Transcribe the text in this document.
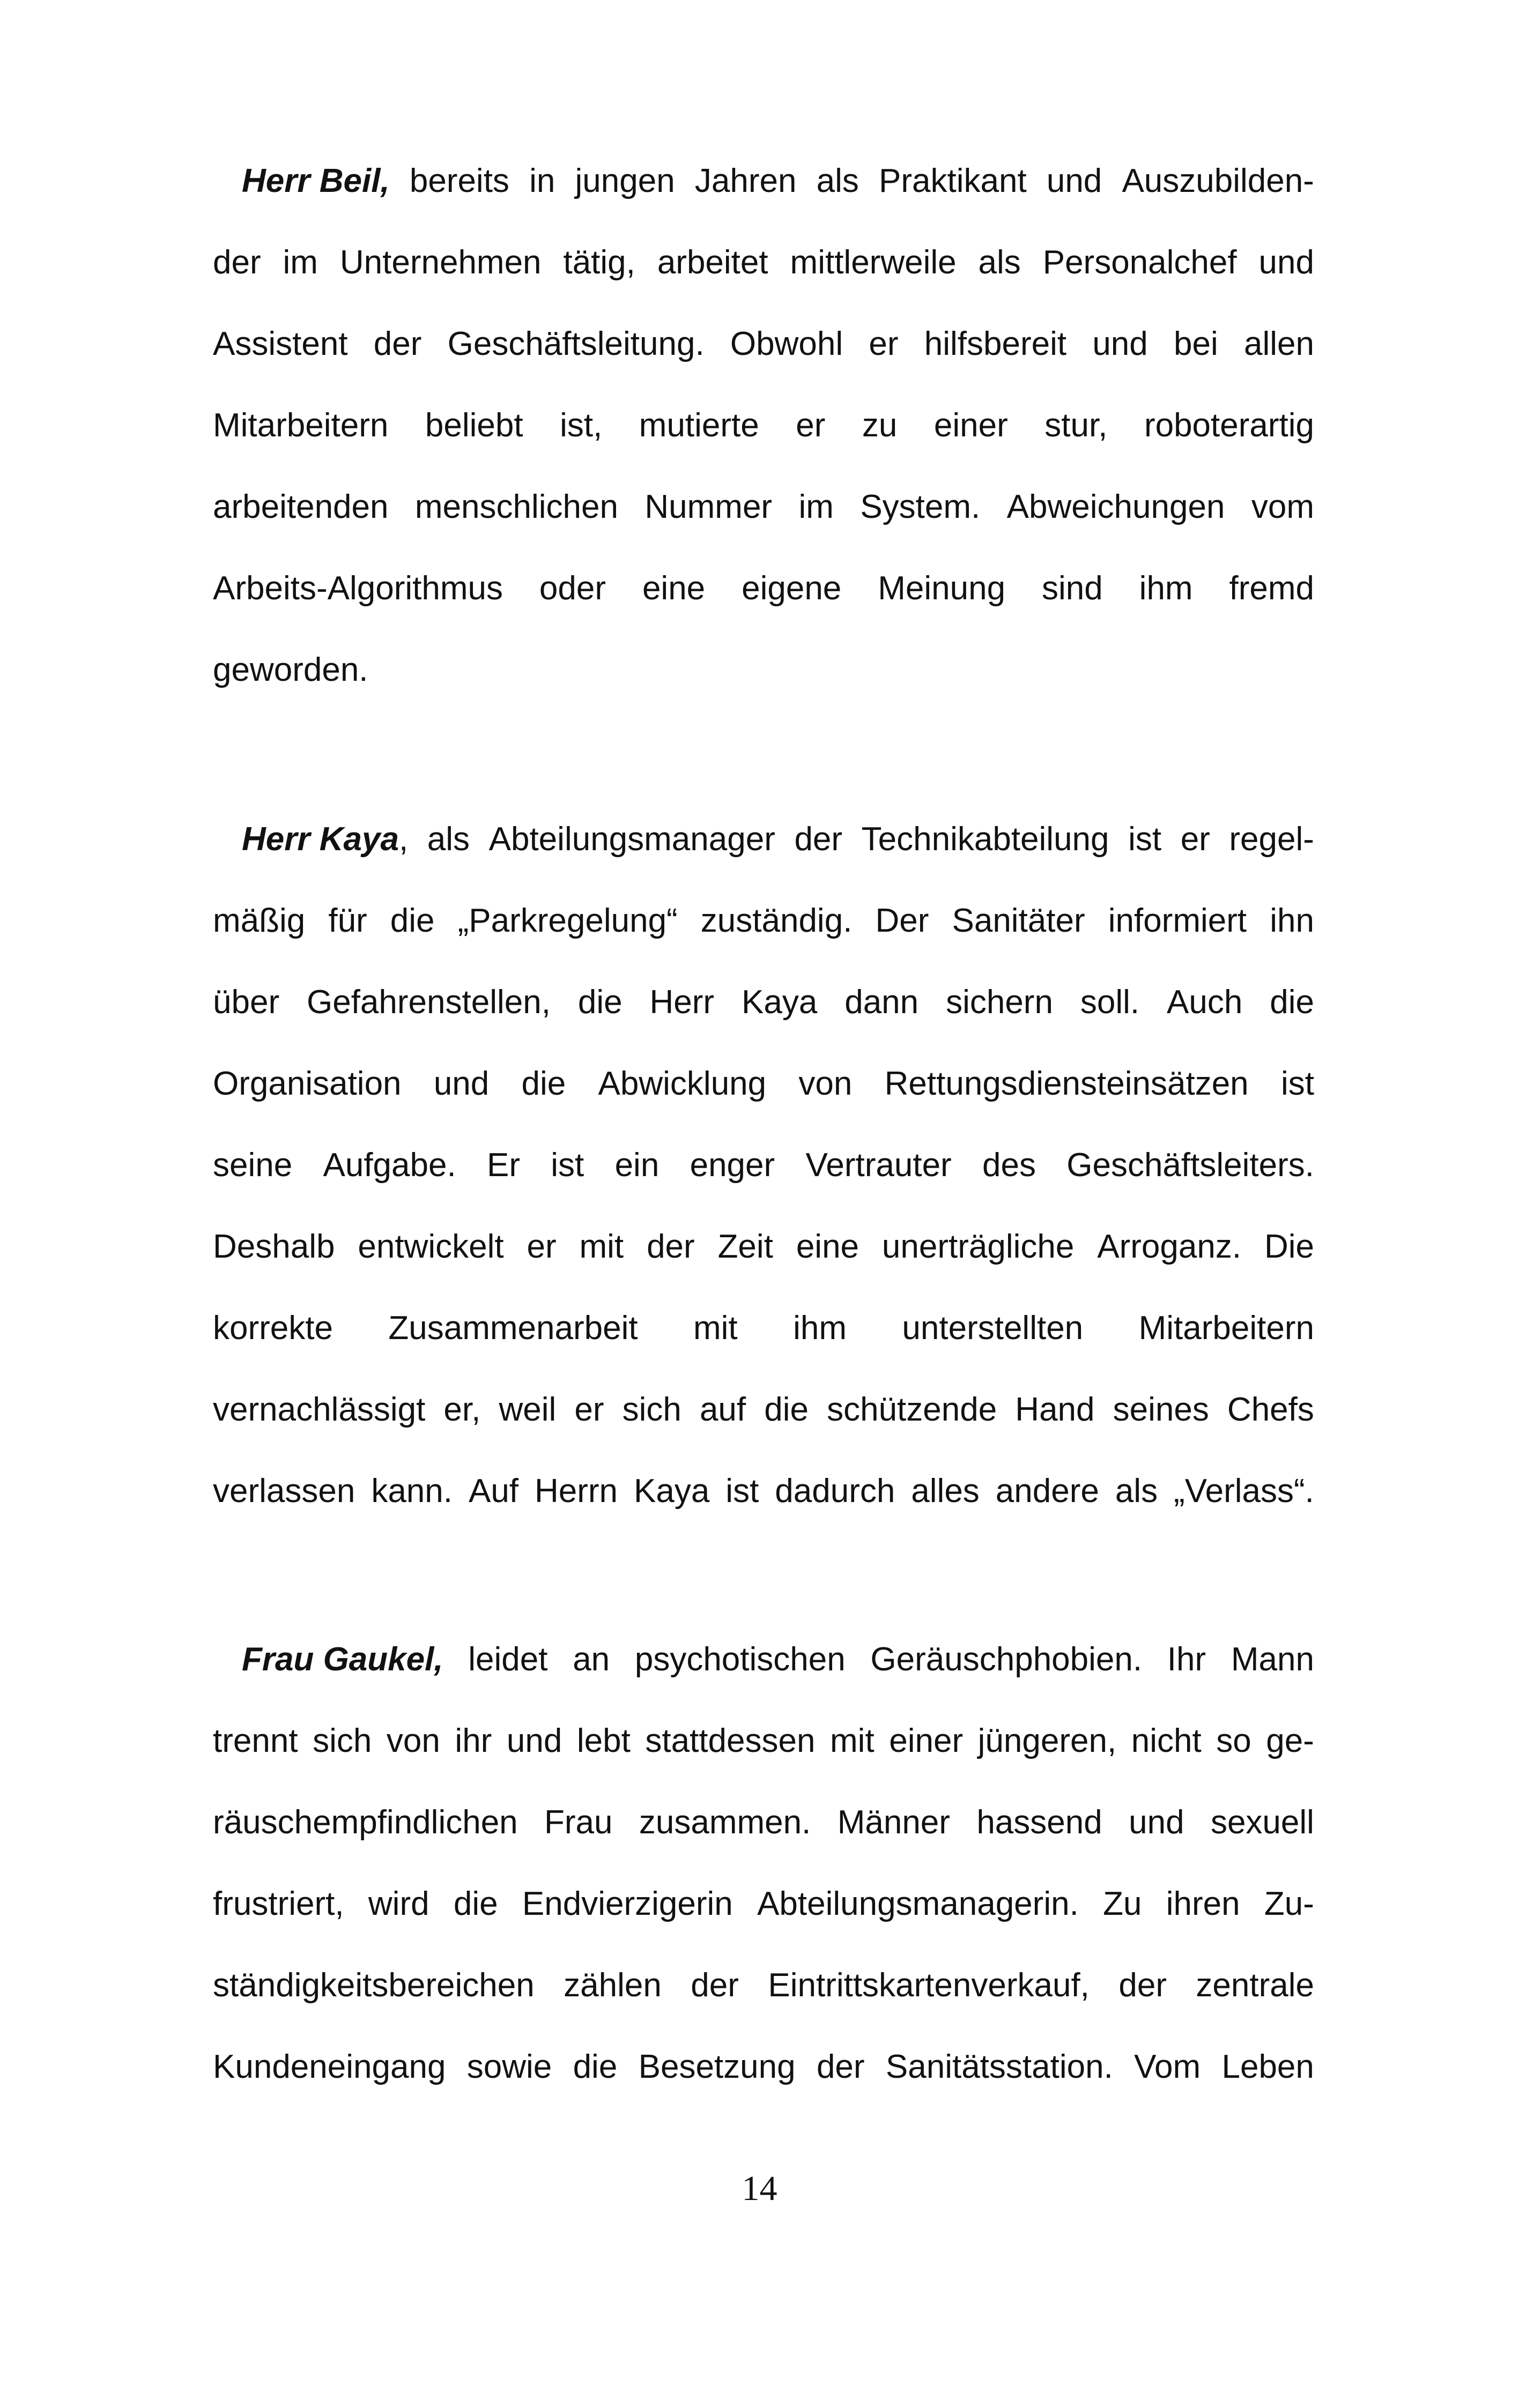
Herr Beil, bereits in jungen Jahren als Praktikant und Auszubilden-
der im Unternehmen tätig, arbeitet mittlerweile als Personalchef und
Assistent der Geschäftsleitung. Obwohl er hilfsbereit und bei allen
Mitarbeitern beliebt ist, mutierte er zu einer stur, roboterartig
arbeitenden menschlichen Nummer im System. Abweichungen vom
Arbeits-Algorithmus oder eine eigene Meinung sind ihm fremd
geworden.
Herr Kaya, als Abteilungsmanager der Technikabteilung ist er regel-
mäßig für die „Parkregelung“ zuständig. Der Sanitäter informiert ihn
über Gefahrenstellen, die Herr Kaya dann sichern soll. Auch die
Organisation und die Abwicklung von Rettungsdiensteinsätzen ist
seine Aufgabe. Er ist ein enger Vertrauter des Geschäftsleiters.
Deshalb entwickelt er mit der Zeit eine unerträgliche Arroganz. Die
korrekte Zusammenarbeit mit ihm unterstellten Mitarbeitern
vernachlässigt er, weil er sich auf die schützende Hand seines Chefs
verlassen kann. Auf Herrn Kaya ist dadurch alles andere als „Verlass“.
Frau Gaukel, leidet an psychotischen Geräuschphobien. Ihr Mann
trennt sich von ihr und lebt stattdessen mit einer jüngeren, nicht so ge-
räuschempfindlichen Frau zusammen. Männer hassend und sexuell
frustriert, wird die Endvierzigerin Abteilungsmanagerin. Zu ihren Zu-
ständigkeitsbereichen zählen der Eintrittskartenverkauf, der zentrale
Kundeneingang sowie die Besetzung der Sanitätsstation. Vom Leben
14
